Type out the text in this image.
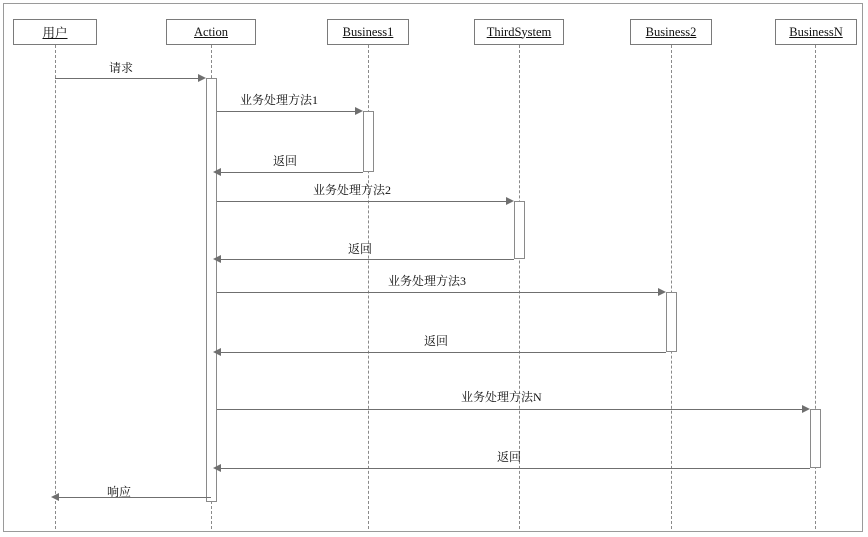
用户	Action	Business1	ThirdSystem	Business2	BusinessN
请求
业务处理方法1
返回
业务处理方法2
返回
业务处理方法3
返回
业务处理方法N
返回
响应
